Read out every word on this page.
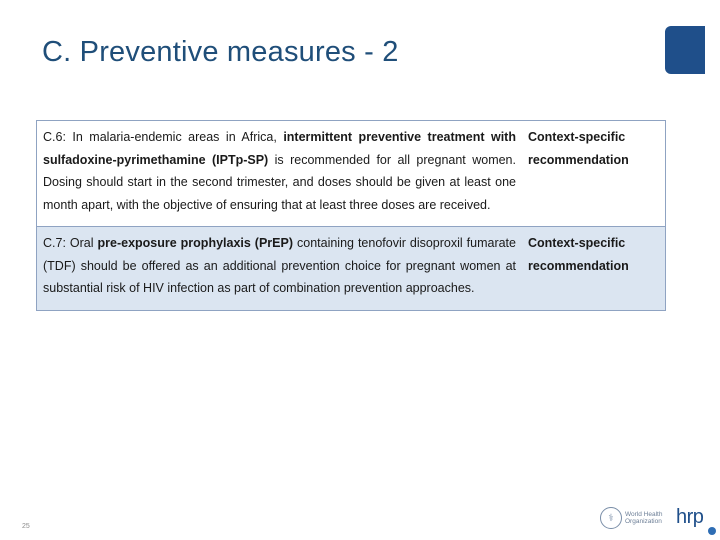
C. Preventive measures - 2
C.6: In malaria-endemic areas in Africa, intermittent preventive treatment with sulfadoxine-pyrimethamine (IPTp-SP) is recommended for all pregnant women. Dosing should start in the second trimester, and doses should be given at least one month apart, with the objective of ensuring that at least three doses are received.
Context-specific
recommendation
C.7: Oral pre-exposure prophylaxis (PrEP) containing tenofovir disoproxil fumarate (TDF) should be offered as an additional prevention choice for pregnant women at substantial risk of HIV infection as part of combination prevention approaches.
Context-specific
recommendation
25
⚕	World Health
Organization hrp
